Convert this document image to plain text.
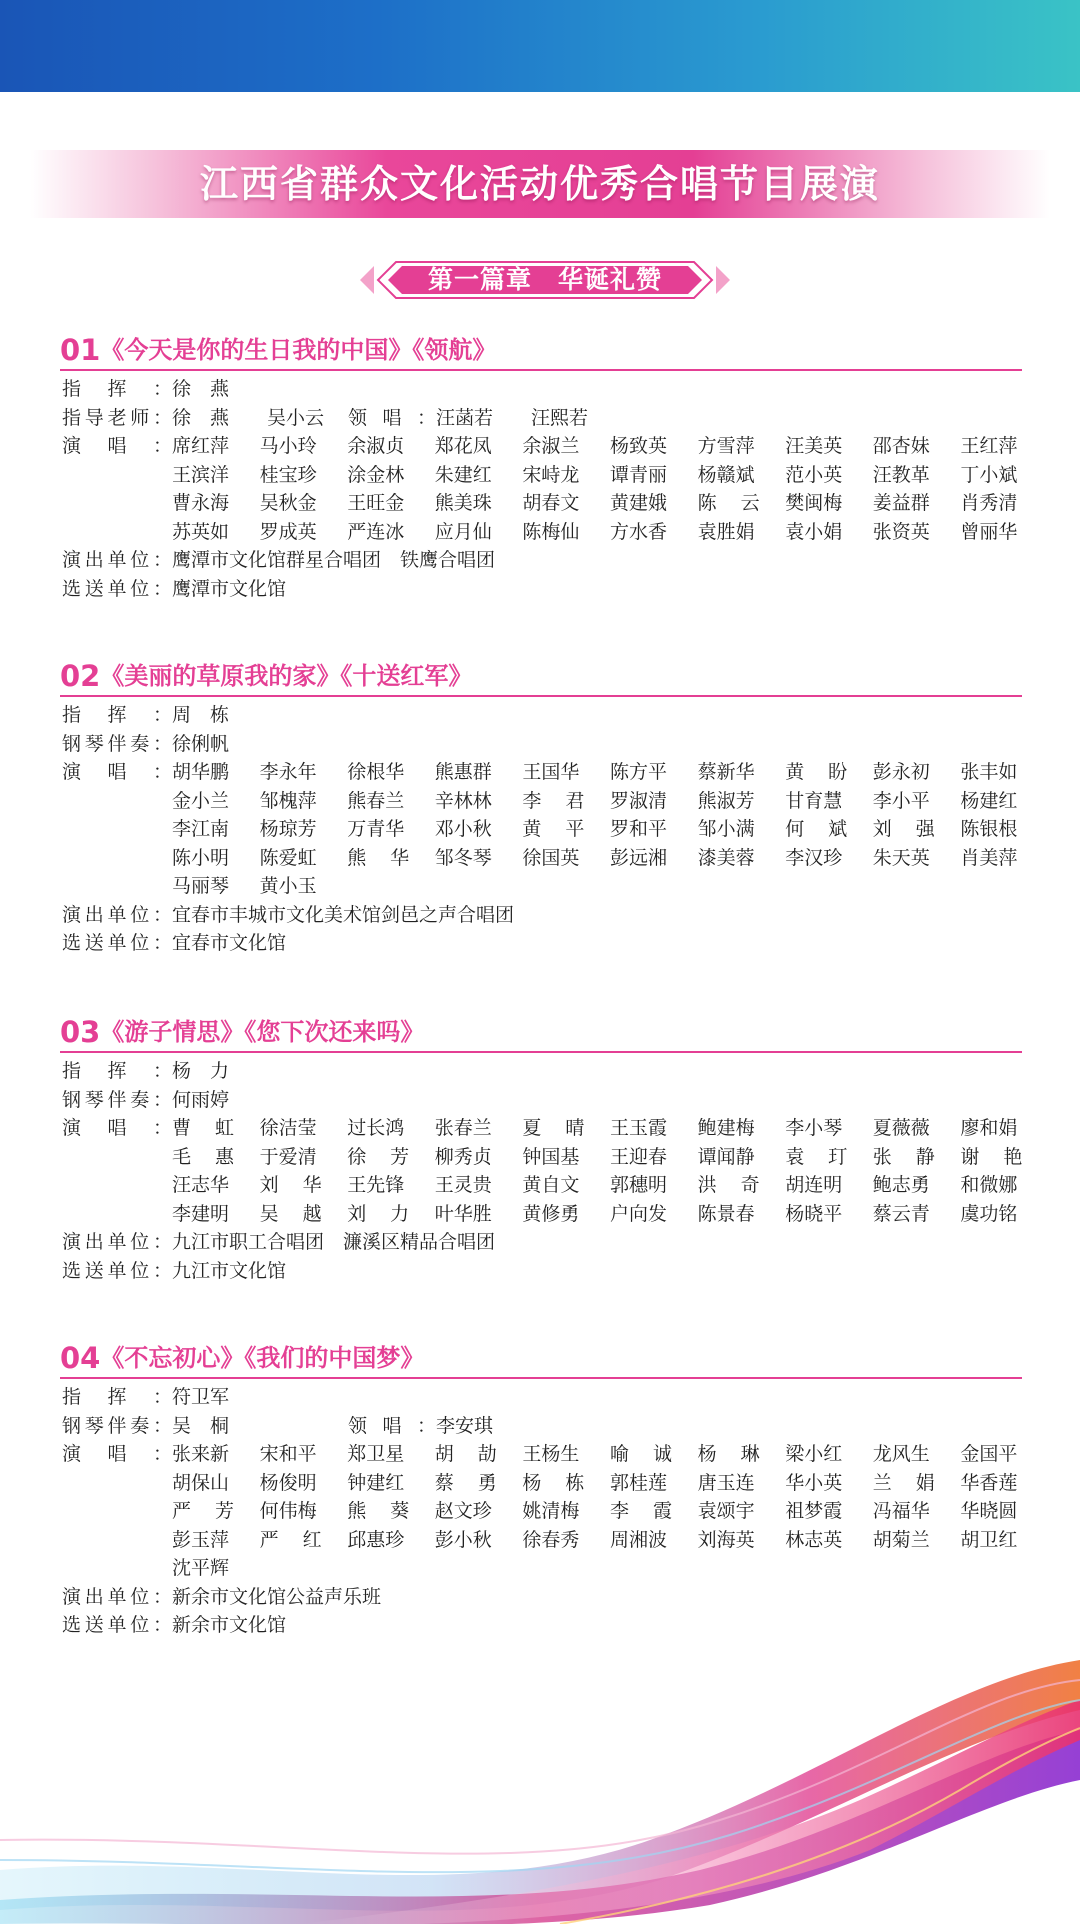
江西省群众文化活动优秀合唱节目展演
第一篇章　华诞礼赞
01《今天是你的生日我的中国》《领航》
指 挥 ： 徐　燕
指 导 老 师 ： 徐　燕　　吴小云 领 唱 ： 汪菡若　　汪熙若
演 唱 ： 席红萍 马小玲 余淑贞 郑花凤 余淑兰 杨致英 方雪萍 汪美英 邵杏妹 王红萍
王滨洋 桂宝珍 涂金林 朱建红 宋峙龙 谭青丽 杨赣斌 范小英 汪教革 丁小斌
曹永海 吴秋金 王旺金 熊美珠 胡春文 黄建娥 陈 云 樊闽梅 姜益群 肖秀清
苏英如 罗成英 严连冰 应月仙 陈梅仙 方水香 袁胜娟 袁小娟 张资英 曾丽华
演 出 单 位 ： 鹰潭市文化馆群星合唱团　铁鹰合唱团
选 送 单 位 ： 鹰潭市文化馆
02《美丽的草原我的家》《十送红军》
指 挥 ： 周　栋
钢 琴 伴 奏 ： 徐俐帆
演 唱 ： 胡华鹏 李永年 徐根华 熊惠群 王国华 陈方平 蔡新华 黄 盼 彭永初 张丰如
金小兰 邹槐萍 熊春兰 辛林林 李 君 罗淑清 熊淑芳 甘育慧 李小平 杨建红
李江南 杨琼芳 万青华 邓小秋 黄 平 罗和平 邹小满 何 斌 刘 强 陈银根
陈小明 陈爱虹 熊 华 邹冬琴 徐国英 彭远湘 漆美蓉 李汉珍 朱天英 肖美萍
马丽琴 黄小玉
演 出 单 位 ： 宜春市丰城市文化美术馆剑邑之声合唱团
选 送 单 位 ： 宜春市文化馆
03《游子情思》《您下次还来吗》
指 挥 ： 杨　力
钢 琴 伴 奏 ： 何雨婷
演 唱 ： 曹 虹 徐洁莹 过长鸿 张春兰 夏 晴 王玉霞 鲍建梅 李小琴 夏薇薇 廖和娟
毛 惠 于爱清 徐 芳 柳秀贞 钟国基 王迎春 谭闻静 袁 玎 张 静 谢 艳
汪志华 刘 华 王先锋 王灵贵 黄自文 郭穗明 洪 奇 胡连明 鲍志勇 和微娜
李建明 吴 越 刘 力 叶华胜 黄修勇 户向发 陈景春 杨晓平 蔡云青 虞功铭
演 出 单 位 ： 九江市职工合唱团　濂溪区精品合唱团
选 送 单 位 ： 九江市文化馆
04《不忘初心》《我们的中国梦》
指 挥 ： 符卫军
钢 琴 伴 奏 ： 吴　桐	领 唱 ： 李安琪
演 唱 ： 张来新 宋和平 郑卫星 胡 劼 王杨生 喻 诚 杨 琳 梁小红 龙风生 金国平
胡保山 杨俊明 钟建红 蔡 勇 杨 栋 郭桂莲 唐玉连 华小英 兰 娟 华香莲
严 芳 何伟梅 熊 葵 赵文珍 姚清梅 李 霞 袁颂宇 祖梦霞 冯福华 华晓圆
彭玉萍 严 红 邱惠珍 彭小秋 徐春秀 周湘波 刘海英 林志英 胡菊兰 胡卫红
沈平辉
演 出 单 位 ： 新余市文化馆公益声乐班
选 送 单 位 ： 新余市文化馆
